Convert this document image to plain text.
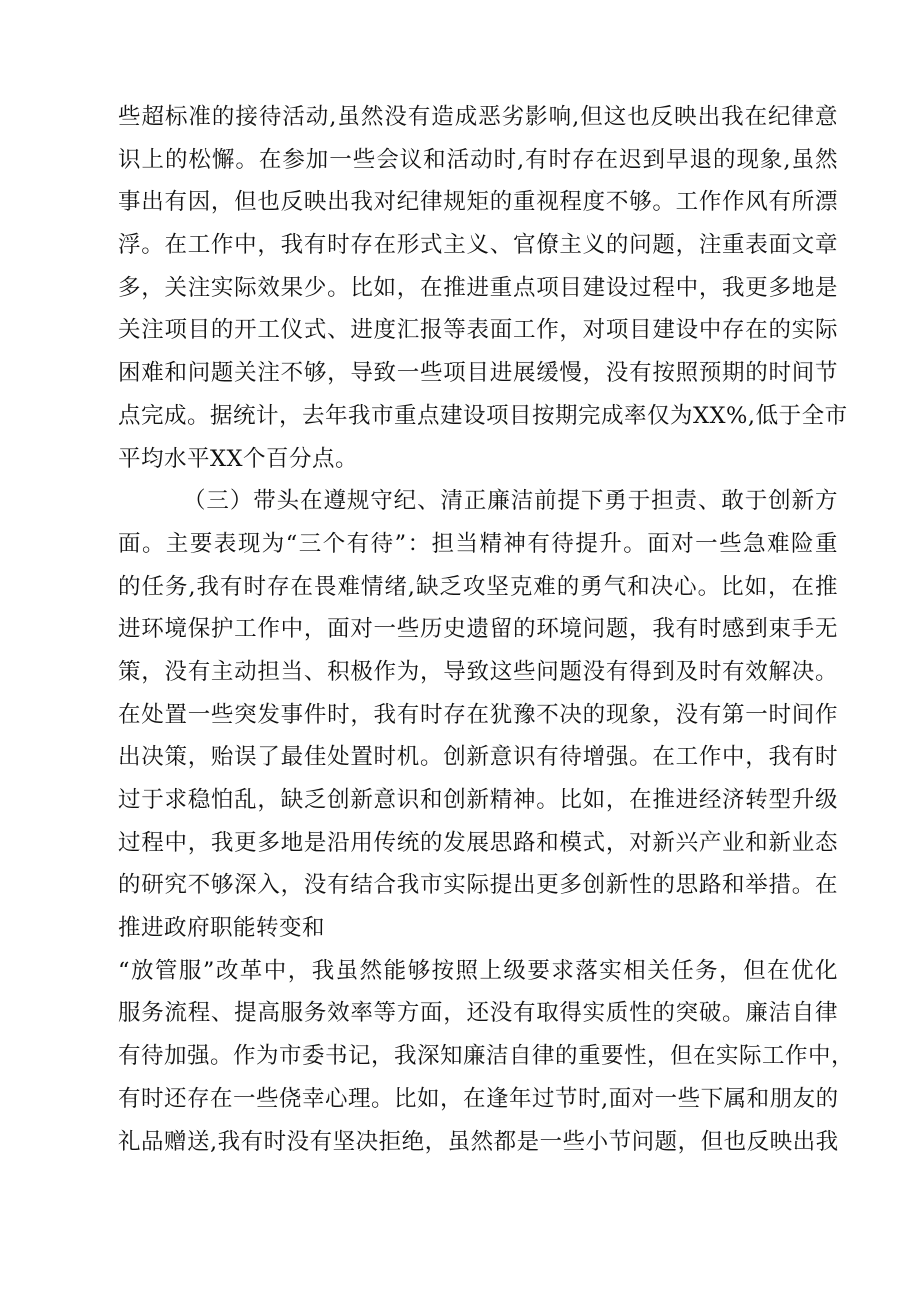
些超标准的接待活动,虽然没有造成恶劣影响,但这也反映出我在纪律意
识上的松懈。在参加一些会议和活动时,有时存在迟到早退的现象,虽然
事出有因，但也反映出我对纪律规矩的重视程度不够。工作作风有所漂
浮。在工作中，我有时存在形式主义、官僚主义的问题，注重表面文章
多，关注实际效果少。比如，在推进重点项目建设过程中，我更多地是
关注项目的开工仪式、进度汇报等表面工作，对项目建设中存在的实际
困难和问题关注不够，导致一些项目进展缓慢，没有按照预期的时间节
点完成。据统计，去年我市重点建设项目按期完成率仅为XX%,低于全市
平均水平XX个百分点。
（三）带头在遵规守纪、清正廉洁前提下勇于担责、敢于创新方
面。主要表现为“三个有待”：担当精神有待提升。面对一些急难险重
的任务,我有时存在畏难情绪,缺乏攻坚克难的勇气和决心。比如，在推
进环境保护工作中，面对一些历史遗留的环境问题，我有时感到束手无
策，没有主动担当、积极作为，导致这些问题没有得到及时有效解决。
在处置一些突发事件时，我有时存在犹豫不决的现象，没有第一时间作
出决策，贻误了最佳处置时机。创新意识有待增强。在工作中，我有时
过于求稳怕乱，缺乏创新意识和创新精神。比如，在推进经济转型升级
过程中，我更多地是沿用传统的发展思路和模式，对新兴产业和新业态
的研究不够深入，没有结合我市实际提出更多创新性的思路和举措。在
推进政府职能转变和
“放管服”改革中，我虽然能够按照上级要求落实相关任务，但在优化
服务流程、提高服务效率等方面，还没有取得实质性的突破。廉洁自律
有待加强。作为市委书记，我深知廉洁自律的重要性，但在实际工作中，
有时还存在一些侥幸心理。比如，在逢年过节时,面对一些下属和朋友的
礼品赠送,我有时没有坚决拒绝，虽然都是一些小节问题，但也反映出我
